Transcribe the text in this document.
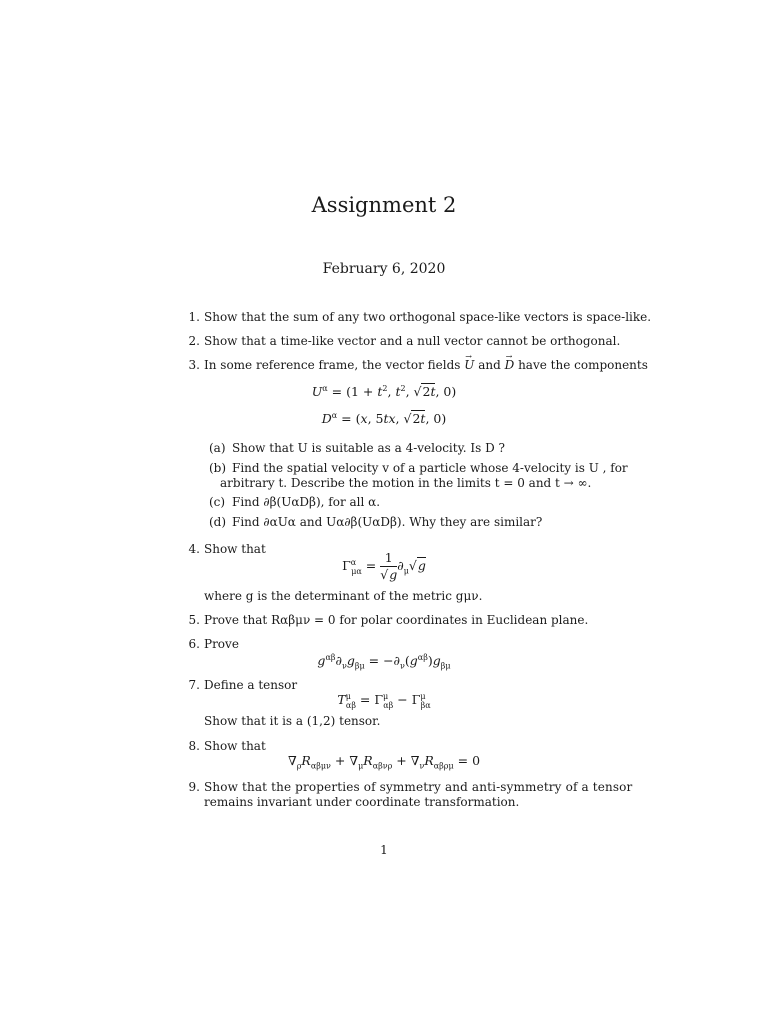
Assignment 2
February 6, 2020
1. Show that the sum of any two orthogonal space-like vectors is space-like.
2. Show that a time-like vector and a null vector cannot be orthogonal.
3. In some reference frame, the vector fields → U and → D have the components
$U^\alpha = (1 + t^2$, $t^2$, √2t, 0)
$D^\alpha = (x$, 5tx, √2t, 0)
(a) Show that U is suitable as a 4-velocity. Is D ?
(b) Find the spatial velocity v of a particle whose 4-velocity is U , for
arbitrary t. Describe the motion in the limits t = 0 and t → ∞.
(c) Find ∂β(UαDβ), for all α.
(d) Find ∂αUα and Uα∂β(UαDβ). Why they are similar?
4. Show that
$\Gamma^\alpha_{\mu\alpha} = \frac{1}{√g} \partial_\mu√g$
where g is the determinant of the metric gμν.
5. Prove that Rαβμν = 0 for polar coordinates in Euclidean plane.
6. Prove
$g^{\alpha\beta}\partial_\nu g_{\beta\mu} = -\partial_\nu(g^{\alpha\beta})g_{\beta\mu}$
7. Define a tensor
$T^\mu_{\alpha\beta} = \Gamma^\mu_{\alpha\beta} - \Gamma^\mu_{\beta\alpha}$
Show that it is a (1,2) tensor.
8. Show that
$\nabla_\rho R_{\alpha\beta\mu\nu} + \nabla_\mu R_{\alpha\beta\nu\rho} + \nabla_\nu R_{\alpha\beta\rho\mu} = 0$
9. Show that the properties of symmetry and anti-symmetry of a tensor
remains invariant under coordinate transformation.
1
